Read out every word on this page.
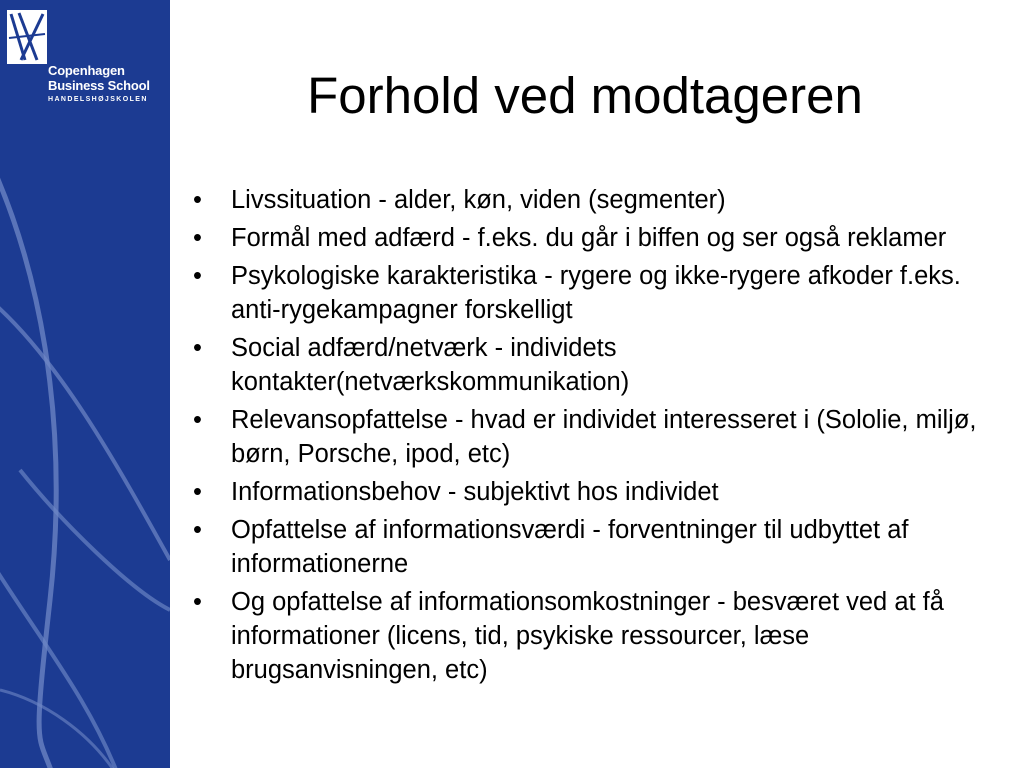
Copenhagen
Business School
HANDELSHØJSKOLEN	Forhold ved modtageren
• Livssituation - alder, køn, viden (segmenter)
• Formål med adfærd - f.eks. du går i biffen og ser også reklamer
• Psykologiske karakteristika - rygere og ikke-rygere afkoder f.eks. anti-rygekampagner forskelligt
• Social adfærd/netværk - individets kontakter(netværkskommunikation)
• Relevansopfattelse - hvad er individet interesseret i (Sololie, miljø, børn, Porsche, ipod, etc)
• Informationsbehov - subjektivt hos individet
• Opfattelse af informationsværdi - forventninger til udbyttet af informationerne
• Og opfattelse af informationsomkostninger - besværet ved at få informationer (licens, tid, psykiske ressourcer, læse brugsanvisningen, etc)
